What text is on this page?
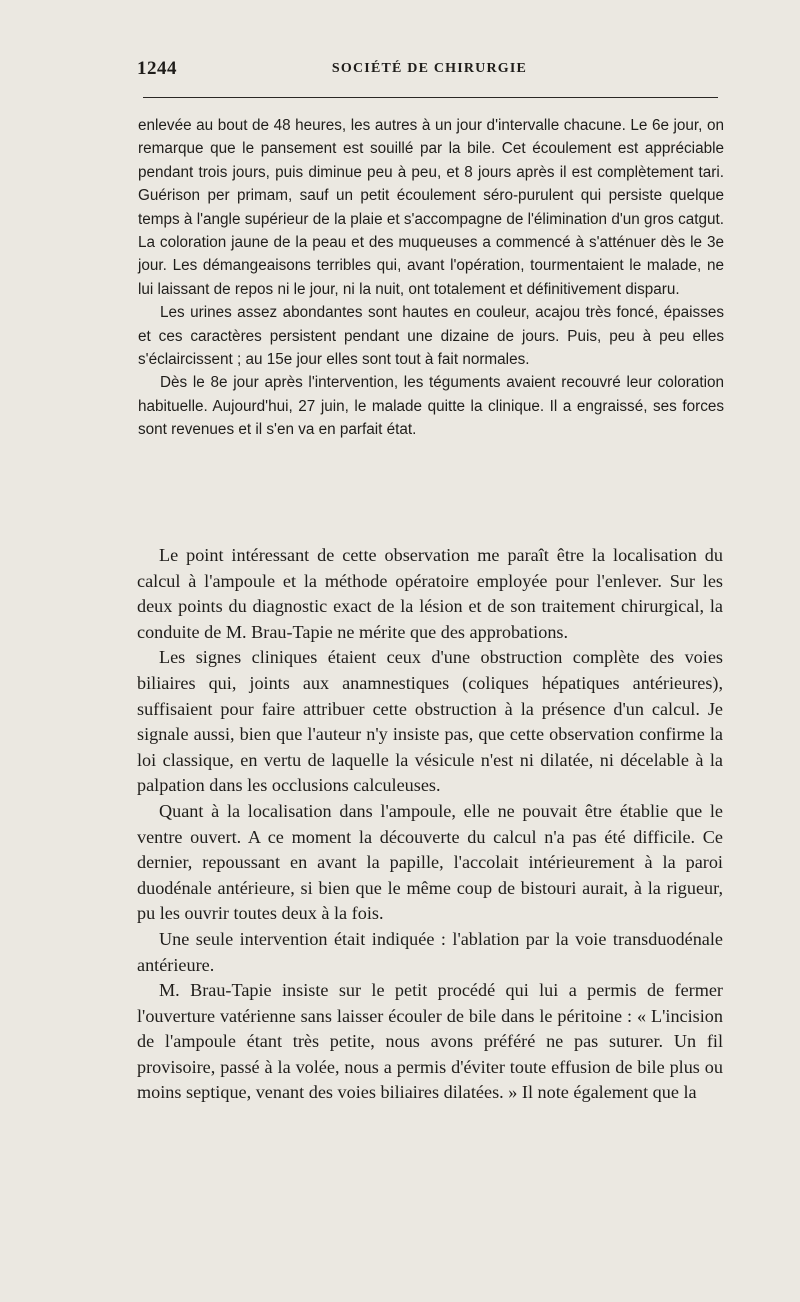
1244	SOCIÉTÉ DE CHIRURGIE

enlevée au bout de 48 heures, les autres à un jour d'intervalle chacune. Le 6e jour, on remarque que le pansement est souillé par la bile. Cet écoulement est appréciable pendant trois jours, puis diminue peu à peu, et 8 jours après il est complètement tari. Guérison per primam, sauf un petit écoulement séro-purulent qui persiste quelque temps à l'angle supérieur de la plaie et s'accompagne de l'élimination d'un gros catgut. La coloration jaune de la peau et des muqueuses a commencé à s'atténuer dès le 3e jour. Les démangeaisons terribles qui, avant l'opération, tourmentaient le malade, ne lui laissant de repos ni le jour, ni la nuit, ont totalement et définitivement disparu.

Les urines assez abondantes sont hautes en couleur, acajou très foncé, épaisses et ces caractères persistent pendant une dizaine de jours. Puis, peu à peu elles s'éclaircissent ; au 15e jour elles sont tout à fait normales.

Dès le 8e jour après l'intervention, les téguments avaient recouvré leur coloration habituelle. Aujourd'hui, 27 juin, le malade quitte la clinique. Il a engraissé, ses forces sont revenues et il s'en va en parfait état.

Le point intéressant de cette observation me paraît être la localisation du calcul à l'ampoule et la méthode opératoire employée pour l'enlever. Sur les deux points du diagnostic exact de la lésion et de son traitement chirurgical, la conduite de M. Brau-Tapie ne mérite que des approbations.

Les signes cliniques étaient ceux d'une obstruction complète des voies biliaires qui, joints aux anamnestiques (coliques hépatiques antérieures), suffisaient pour faire attribuer cette obstruction à la présence d'un calcul. Je signale aussi, bien que l'auteur n'y insiste pas, que cette observation confirme la loi classique, en vertu de laquelle la vésicule n'est ni dilatée, ni décelable à la palpation dans les occlusions calculeuses.

Quant à la localisation dans l'ampoule, elle ne pouvait être établie que le ventre ouvert. A ce moment la découverte du calcul n'a pas été difficile. Ce dernier, repoussant en avant la papille, l'accolait intérieurement à la paroi duodénale antérieure, si bien que le même coup de bistouri aurait, à la rigueur, pu les ouvrir toutes deux à la fois.

Une seule intervention était indiquée : l'ablation par la voie transduodénale antérieure.

M. Brau-Tapie insiste sur le petit procédé qui lui a permis de fermer l'ouverture vatérienne sans laisser écouler de bile dans le péritoine : « L'incision de l'ampoule étant très petite, nous avons préféré ne pas suturer. Un fil provisoire, passé à la volée, nous a permis d'éviter toute effusion de bile plus ou moins septique, venant des voies biliaires dilatées. » Il note également que la
